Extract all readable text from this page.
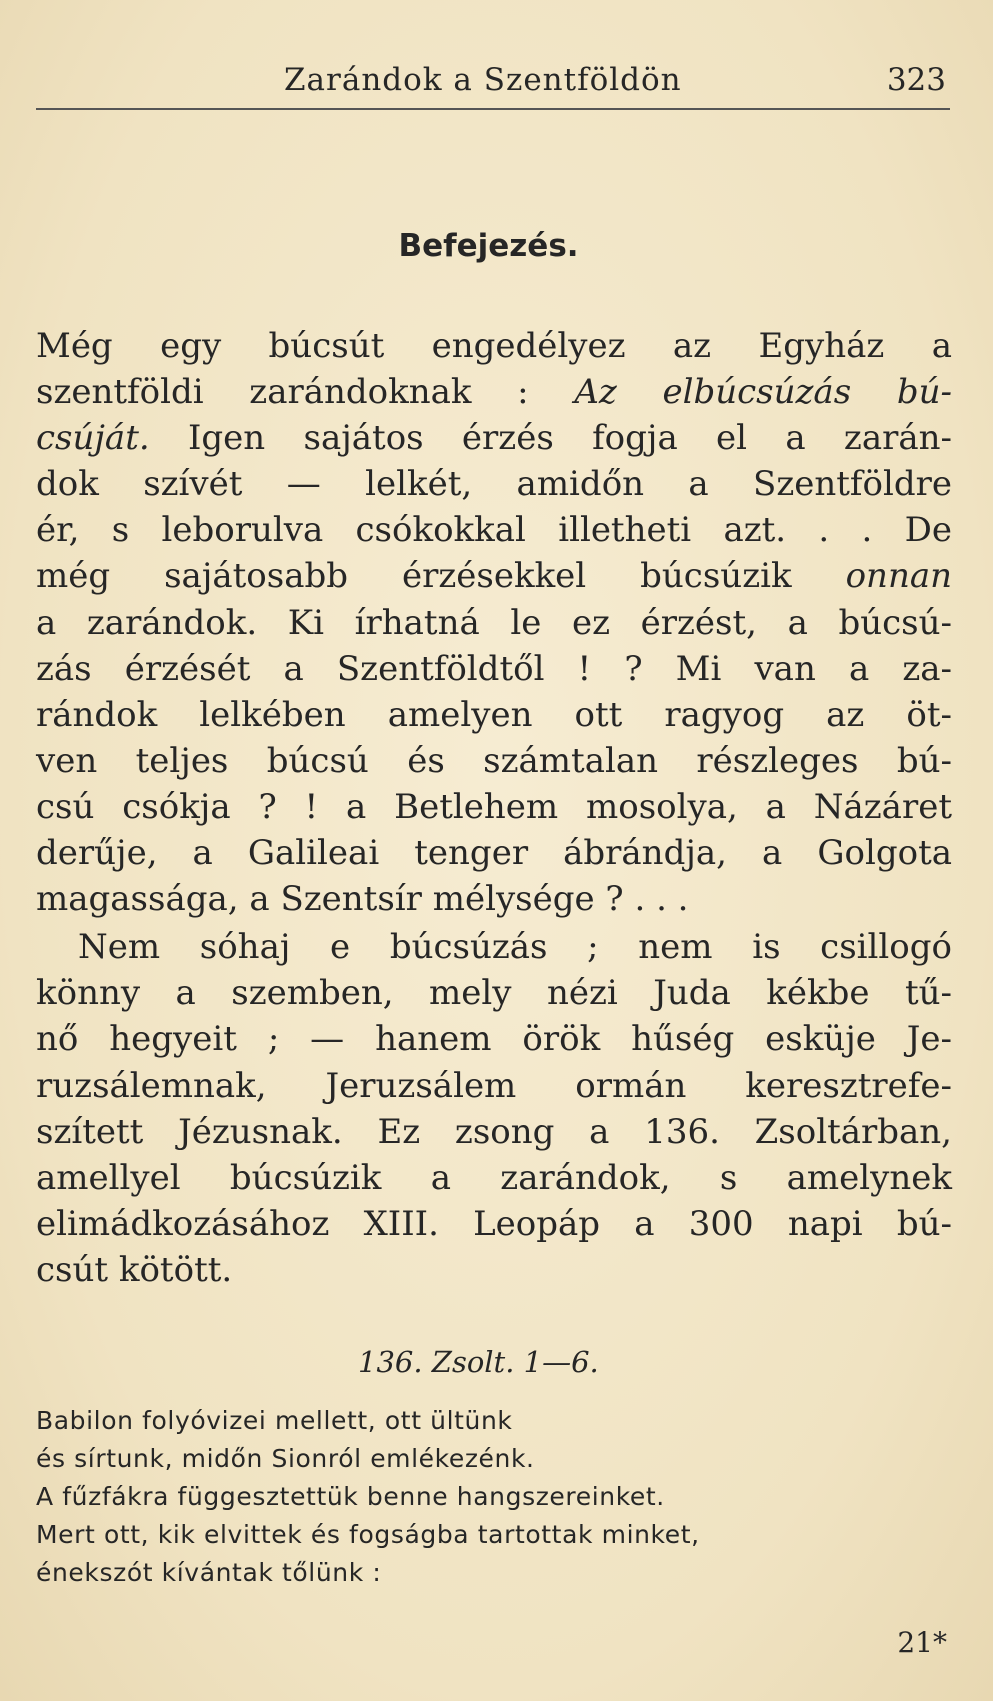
Zarándok a Szentföldön	323
Befejezés.
Még egy búcsút engedélyez az Egyház a
szentföldi zarándoknak : Az elbúcsúzás bú-
csúját. Igen sajátos érzés fogja el a zarán-
dok szívét — lelkét, amidőn a Szentföldre
ér, s leborulva csókokkal illetheti azt. . . De
még sajátosabb érzésekkel búcsúzik onnan
a zarándok. Ki írhatná le ez érzést, a búcsú-
zás érzését a Szentföldtől ! ? Mi van a za-
rándok lelkében amelyen ott ragyog az öt-
ven teljes búcsú és számtalan részleges bú-
csú csókja ? ! a Betlehem mosolya, a Názáret
derűje, a Galileai tenger ábrándja, a Golgota
magassága, a Szentsír mélysége ? . . .
Nem sóhaj e búcsúzás ; nem is csillogó
könny a szemben, mely nézi Juda kékbe tű-
nő hegyeit ; — hanem örök hűség esküje Je-
ruzsálemnak, Jeruzsálem ormán keresztrefe-
szített Jézusnak. Ez zsong a 136. Zsoltárban,
amellyel búcsúzik a zarándok, s amelynek
elimádkozásához XIII. Leopáp a 300 napi bú-
csút kötött.
136. Zsolt. 1—6.
Babilon folyóvizei mellett, ott ültünk
és sírtunk, midőn Sionról emlékezénk.
A fűzfákra függesztettük benne hangszereinket.
Mert ott, kik elvittek és fogságba tartottak minket,
énekszót kívántak tőlünk :
21*
